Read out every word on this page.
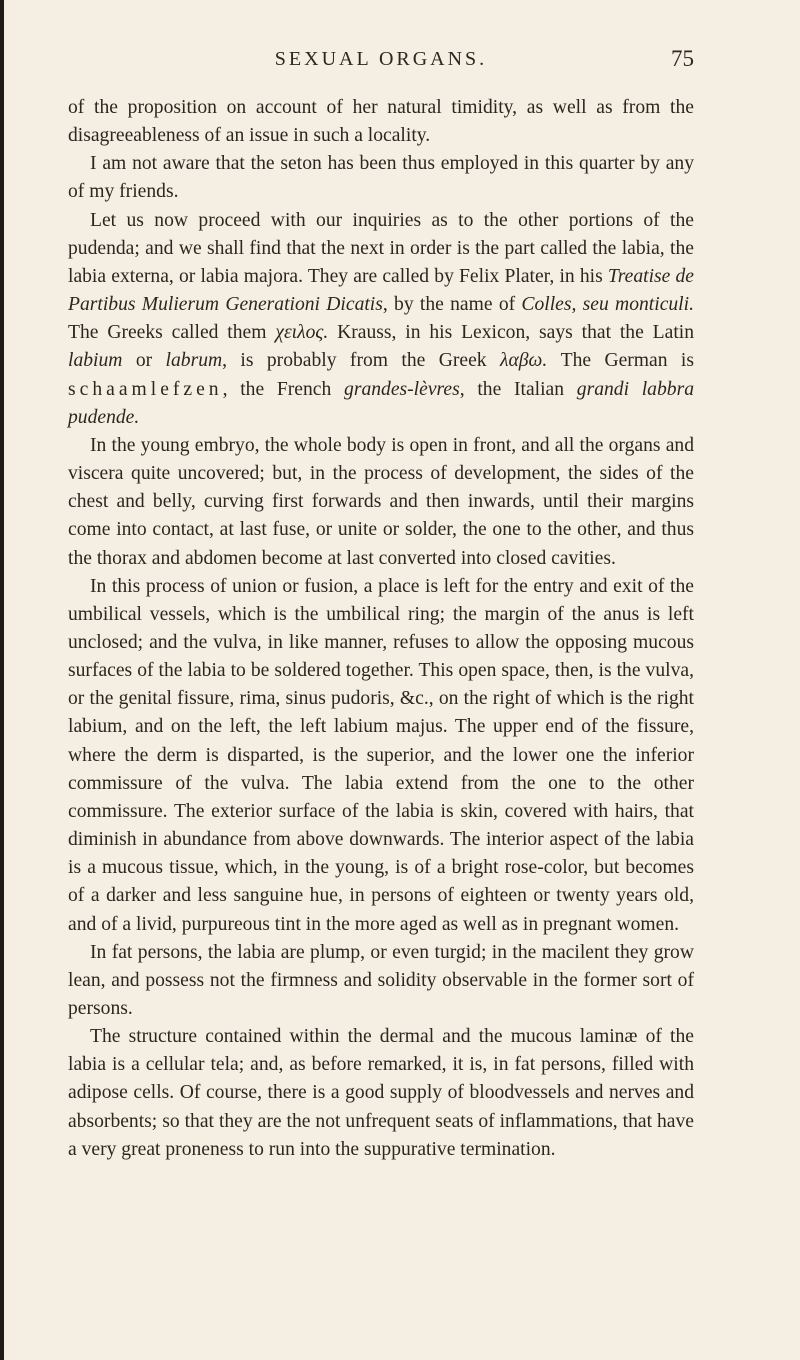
SEXUAL ORGANS.	75

of the proposition on account of her natural timidity, as well as from the disagreeableness of an issue in such a locality.

I am not aware that the seton has been thus employed in this quarter by any of my friends.

Let us now proceed with our inquiries as to the other portions of the pudenda; and we shall find that the next in order is the part called the labia, the labia externa, or labia majora. They are called by Felix Plater, in his Treatise de Partibus Mulierum Generationi Dicatis, by the name of Colles, seu monticuli. The Greeks called them χειλος. Krauss, in his Lexicon, says that the Latin labium or labrum, is probably from the Greek λαβω. The German is schaamlefzen, the French grandes-lèvres, the Italian grandi labbra pudende.

In the young embryo, the whole body is open in front, and all the organs and viscera quite uncovered; but, in the process of development, the sides of the chest and belly, curving first forwards and then inwards, until their margins come into contact, at last fuse, or unite or solder, the one to the other, and thus the thorax and abdomen become at last converted into closed cavities.

In this process of union or fusion, a place is left for the entry and exit of the umbilical vessels, which is the umbilical ring; the margin of the anus is left unclosed; and the vulva, in like manner, refuses to allow the opposing mucous surfaces of the labia to be soldered together. This open space, then, is the vulva, or the genital fissure, rima, sinus pudoris, &c., on the right of which is the right labium, and on the left, the left labium majus. The upper end of the fissure, where the derm is disparted, is the superior, and the lower one the inferior commissure of the vulva. The labia extend from the one to the other commissure. The exterior surface of the labia is skin, covered with hairs, that diminish in abundance from above downwards. The interior aspect of the labia is a mucous tissue, which, in the young, is of a bright rose-color, but becomes of a darker and less sanguine hue, in persons of eighteen or twenty years old, and of a livid, purpureous tint in the more aged as well as in pregnant women.

In fat persons, the labia are plump, or even turgid; in the macilent they grow lean, and possess not the firmness and solidity observable in the former sort of persons.

The structure contained within the dermal and the mucous laminæ of the labia is a cellular tela; and, as before remarked, it is, in fat persons, filled with adipose cells. Of course, there is a good supply of bloodvessels and nerves and absorbents; so that they are the not unfrequent seats of inflammations, that have a very great proneness to run into the suppurative termination.
